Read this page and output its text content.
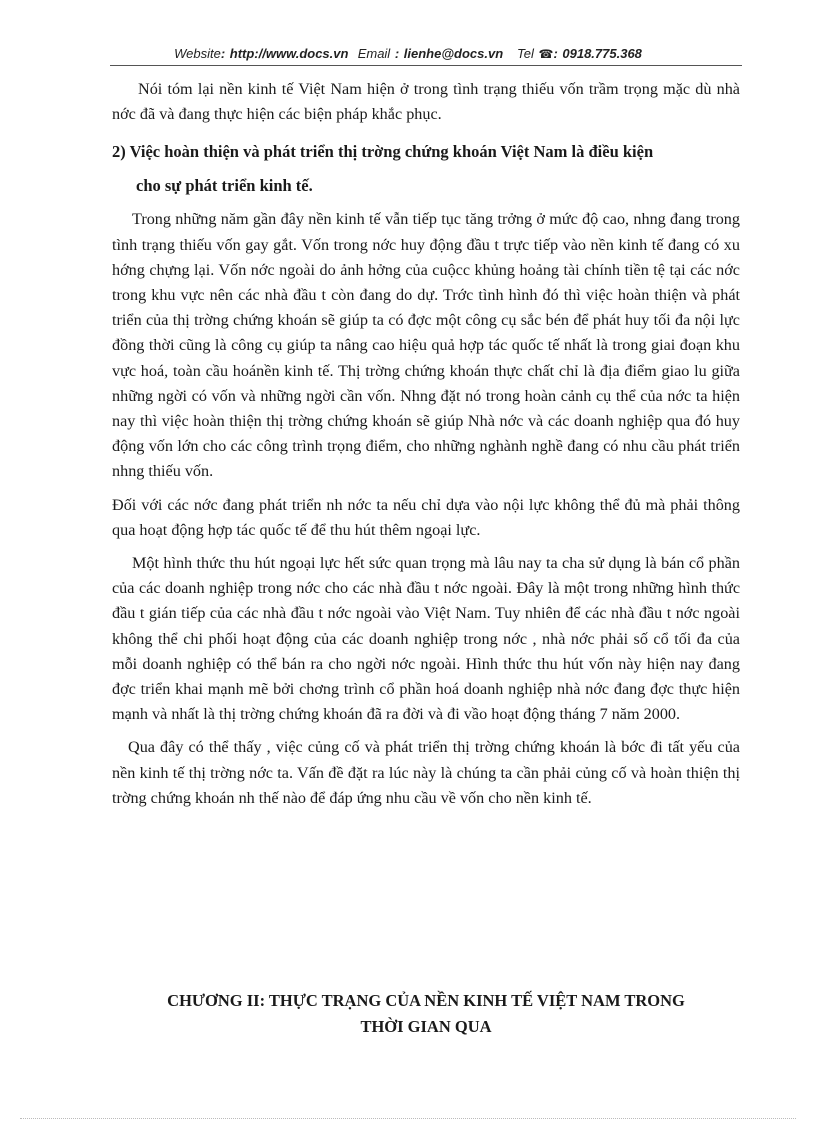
Website: http://www.docs.vn Email : lienhe@docs.vn Tel ☎: 0918.775.368

Nói tóm lại nền kinh tế Việt Nam hiện ở trong tình trạng thiếu vốn trầm trọng mặc dù nhà nớc đã và đang thực hiện các biện pháp khắc phục.

2) Việc hoàn thiện và phát triển thị trờng chứng khoán Việt Nam là điều kiện
cho sự phát triển kinh tế.

Trong những năm gần đây nền kinh tế vẫn tiếp tục tăng trởng ở mức độ cao, nhng đang trong tình trạng thiếu vốn gay gắt. Vốn trong nớc huy động đầu t trực tiếp vào nền kinh tế đang có xu hớng chựng lại. Vốn nớc ngoài do ảnh hởng của cuộcc khủng hoảng tài chính tiền tệ tại các nớc trong khu vực nên các nhà đầu t còn đang do dự. Trớc tình hình đó thì việc hoàn thiện và phát triển của thị trờng chứng khoán sẽ giúp ta có đợc một công cụ sắc bén để phát huy tối đa nội lực đồng thời cũng là công cụ giúp ta nâng cao hiệu quả hợp tác quốc tế nhất là trong giai đoạn khu vực hoá, toàn cầu hoánền kinh tế. Thị trờng chứng khoán thực chất chỉ là địa điểm giao lu giữa những ngời có vốn và những ngời cần vốn. Nhng đặt nó trong hoàn cảnh cụ thể của nớc ta hiện nay thì việc hoàn thiện thị trờng chứng khoán sẽ giúp Nhà nớc và các doanh nghiệp qua đó huy động vốn lớn cho các công trình trọng điểm, cho những nghành nghề đang có nhu cầu phát triển nhng thiếu vốn.

Đối với các nớc đang phát triển nh nớc ta nếu chỉ dựa vào nội lực không thể đủ mà phải thông qua hoạt động hợp tác quốc tế để thu hút thêm ngoại lực.

Một hình thức thu hút ngoại lực hết sức quan trọng mà lâu nay ta cha sử dụng là bán cổ phần của các doanh nghiệp trong nớc cho các nhà đầu t nớc ngoài. Đây là một trong những hình thức đầu t gián tiếp của các nhà đầu t nớc ngoài vào Việt Nam. Tuy nhiên để các nhà đầu t nớc ngoài không thể chi phối hoạt động của các doanh nghiệp trong nớc , nhà nớc phải số cổ tối đa của mỗi doanh nghiệp có thể bán ra cho ngời nớc ngoài. Hình thức thu hút vốn này hiện nay đang đợc triển khai mạnh mẽ bởi chơng trình cổ phần hoá doanh nghiệp nhà nớc đang đợc thực hiện mạnh và nhất là thị trờng chứng khoán đã ra đời và đi vầo hoạt động tháng 7 năm 2000.

Qua đây có thể thấy , việc củng cố và phát triển thị trờng chứng khoán là bớc đi tất yếu của nền kinh tế thị trờng nớc ta. Vấn đề đặt ra lúc này là chúng ta cần phải củng cố và hoàn thiện thị trờng chứng khoán nh thế nào để đáp ứng nhu cầu về vốn cho nền kinh tế.

CHƯƠNG II: THỰC TRẠNG CỦA NỀN KINH TẾ VIỆT NAM TRONG
THỜI GIAN QUA
